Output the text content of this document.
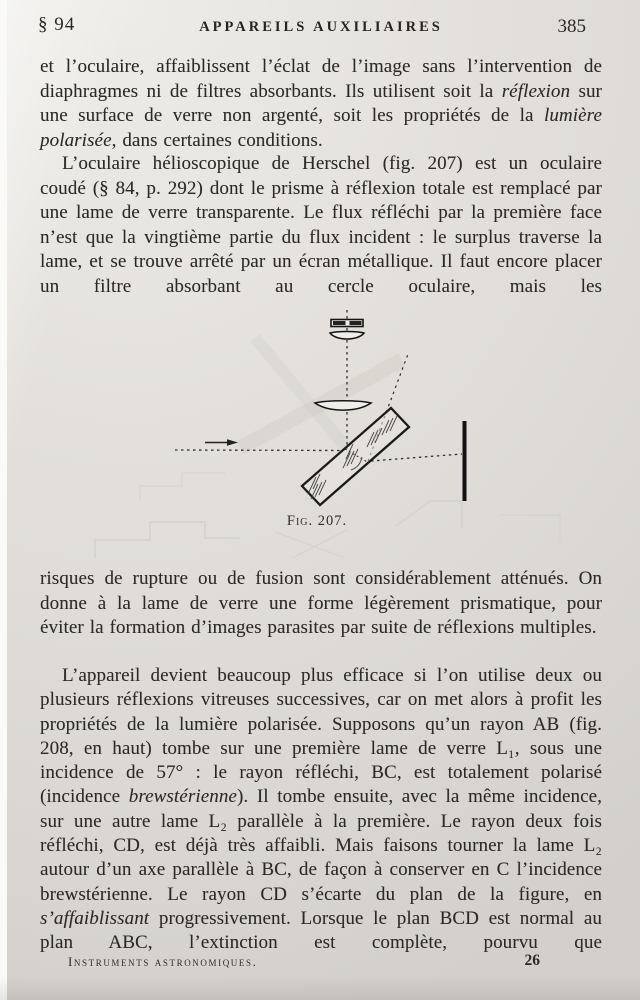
§ 94	APPAREILS AUXILIAIRES	385

et l’oculaire, affaiblissent l’éclat de l’image sans l’intervention de diaphragmes ni de filtres absorbants. Ils utilisent soit la réflexion sur une surface de verre non argenté, soit les propriétés de la lumière polarisée, dans certaines conditions.

L’oculaire hélioscopique de Herschel (fig. 207) est un oculaire coudé (§ 84, p. 292) dont le prisme à réflexion totale est remplacé par une lame de verre transparente. Le flux réfléchi par la première face n’est que la vingtième partie du flux incident : le surplus traverse la lame, et se trouve arrêté par un écran métallique. Il faut encore placer un filtre absorbant au cercle oculaire, mais les

Fig. 207.

risques de rupture ou de fusion sont considérablement atténués. On donne à la lame de verre une forme légèrement prismatique, pour éviter la formation d’images parasites par suite de réflexions multiples.

L’appareil devient beaucoup plus efficace si l’on utilise deux ou plusieurs réflexions vitreuses successives, car on met alors à profit les propriétés de la lumière polarisée. Supposons qu’un rayon AB (fig. 208, en haut) tombe sur une première lame de verre L₁, sous une incidence de 57° : le rayon réfléchi, BC, est totalement polarisé (incidence brewstérienne). Il tombe ensuite, avec la même incidence, sur une autre lame L₂ parallèle à la première. Le rayon deux fois réfléchi, CD, est déjà très affaibli. Mais faisons tourner la lame L₂ autour d’un axe parallèle à BC, de façon à conserver en C l’incidence brewstérienne. Le rayon CD s’écarte du plan de la figure, en s’affaiblissant progressivement. Lorsque le plan BCD est normal au plan ABC, l’extinction est complète, pourvu que

Instruments astronomiques.	26
